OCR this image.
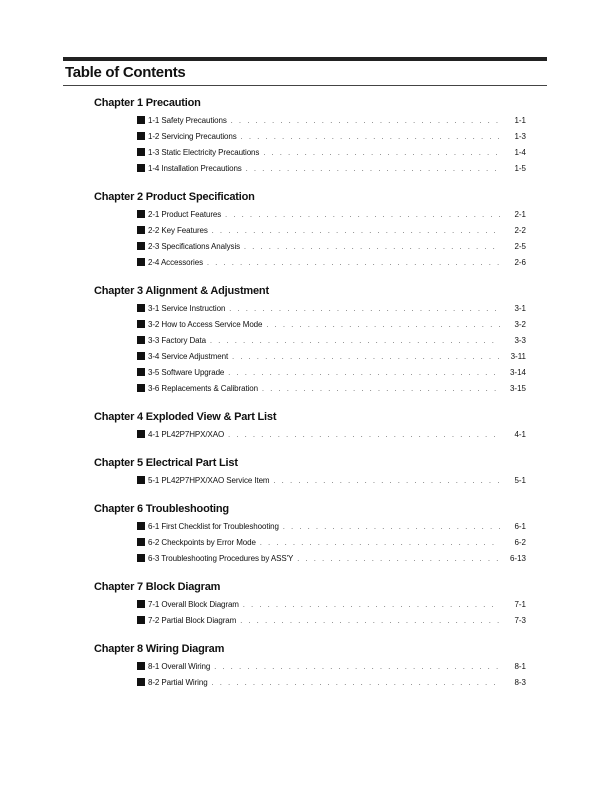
Table of Contents
Chapter 1 Precaution
1-1 Safety Precautions . . .	1-1
1-2 Servicing Precautions . . .	1-3
1-3 Static Electricity Precautions . . .	1-4
1-4 Installation Precautions . . .	1-5
Chapter 2 Product Specification
2-1 Product Features . . .	2-1
2-2 Key Features . . .	2-2
2-3 Specifications Analysis . . .	2-5
2-4 Accessories . . .	2-6
Chapter 3 Alignment & Adjustment
3-1 Service Instruction . . .	3-1
3-2 How to Access Service Mode . . .	3-2
3-3 Factory Data . . .	3-3
3-4 Service Adjustment . . .	3-11
3-5 Software Upgrade . . .	3-14
3-6 Replacements & Calibration . . .	3-15
Chapter 4 Exploded View & Part List
4-1 PL42P7HPX/XAO . . .	4-1
Chapter 5 Electrical Part List
5-1 PL42P7HPX/XAO Service Item . . .	5-1
Chapter 6 Troubleshooting
6-1 First Checklist for Troubleshooting . . .	6-1
6-2 Checkpoints by Error Mode . . .	6-2
6-3 Troubleshooting Procedures by ASS'Y . . .	6-13
Chapter 7 Block Diagram
7-1 Overall Block Diagram . . .	7-1
7-2 Partial Block Diagram . . .	7-3
Chapter 8 Wiring Diagram
8-1 Overall Wiring . . .	8-1
8-2 Partial Wiring . . .	8-3
